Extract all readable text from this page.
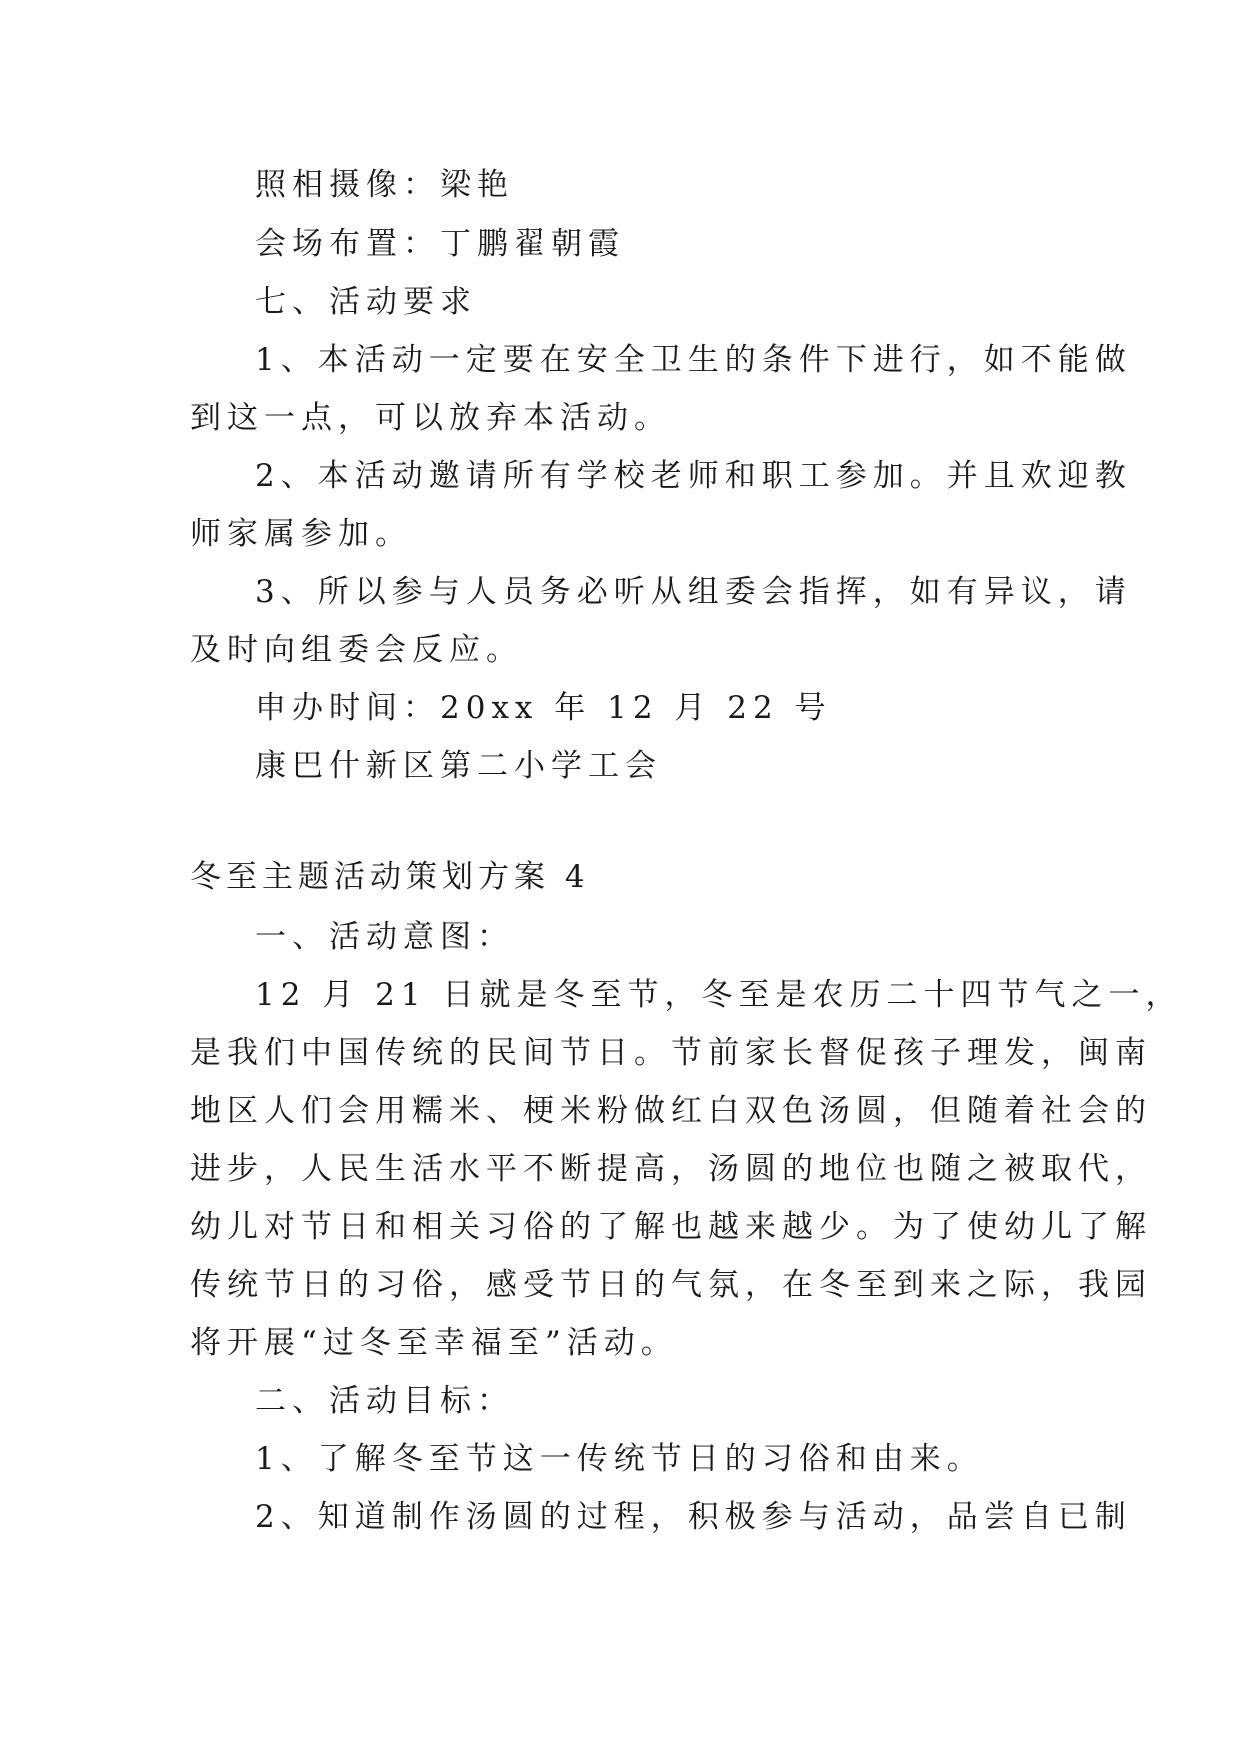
照相摄像：梁艳
会场布置：丁鹏翟朝霞
七、活动要求
1、本活动一定要在安全卫生的条件下进行，如不能做
到这一点，可以放弃本活动。
2、本活动邀请所有学校老师和职工参加。并且欢迎教
师家属参加。
3、所以参与人员务必听从组委会指挥，如有异议，请
及时向组委会反应。
申办时间：20xx 年 12 月 22 号
康巴什新区第二小学工会
冬至主题活动策划方案 4
一、活动意图：
12 月 21 日就是冬至节，冬至是农历二十四节气之一，
是我们中国传统的民间节日。节前家长督促孩子理发，闽南
地区人们会用糯米、梗米粉做红白双色汤圆，但随着社会的
进步，人民生活水平不断提高，汤圆的地位也随之被取代，
幼儿对节日和相关习俗的了解也越来越少。为了使幼儿了解
传统节日的习俗，感受节日的气氛，在冬至到来之际，我园
将开展“过冬至幸福至”活动。
二、活动目标：
1、了解冬至节这一传统节日的习俗和由来。
2、知道制作汤圆的过程，积极参与活动，品尝自已制
